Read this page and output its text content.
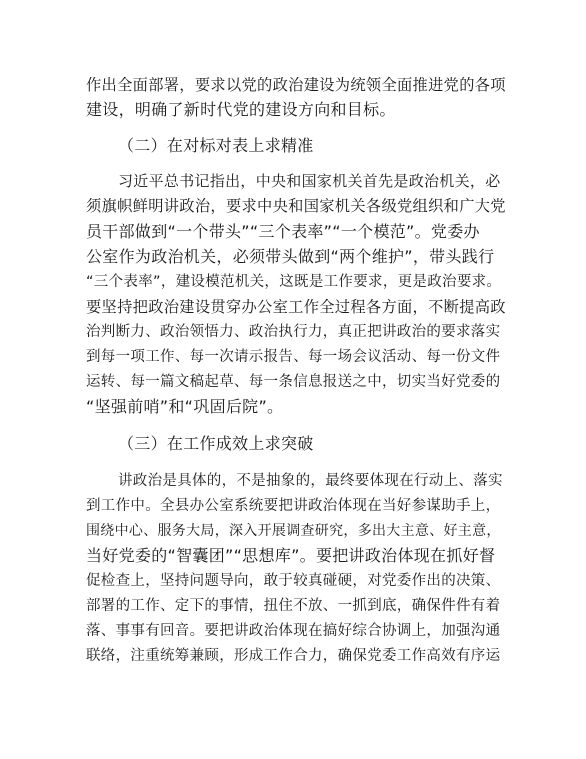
作出全面部署，要求以党的政治建设为统领全面推进党的各项
建设，明确了新时代党的建设方向和目标。
（二）在对标对表上求精准
习近平总书记指出，中央和国家机关首先是政治机关，必
须旗帜鲜明讲政治，要求中央和国家机关各级党组织和广大党
员干部做到“一个带头”“三个表率”“一个模范”。党委办
公室作为政治机关，必须带头做到“两个维护”，带头践行
“三个表率”，建设模范机关，这既是工作要求，更是政治要求。
要坚持把政治建设贯穿办公室工作全过程各方面，不断提高政
治判断力、政治领悟力、政治执行力，真正把讲政治的要求落实
到每一项工作、每一次请示报告、每一场会议活动、每一份文件
运转、每一篇文稿起草、每一条信息报送之中，切实当好党委的
“坚强前哨”和“巩固后院”。
（三）在工作成效上求突破
讲政治是具体的，不是抽象的，最终要体现在行动上、落实
到工作中。全县办公室系统要把讲政治体现在当好参谋助手上，
围绕中心、服务大局，深入开展调查研究，多出大主意、好主意，
当好党委的“智囊团”“思想库”。要把讲政治体现在抓好督
促检查上，坚持问题导向，敢于较真碰硬，对党委作出的决策、
部署的工作、定下的事情，扭住不放、一抓到底，确保件件有着
落、事事有回音。要把讲政治体现在搞好综合协调上，加强沟通
联络，注重统筹兼顾，形成工作合力，确保党委工作高效有序运
